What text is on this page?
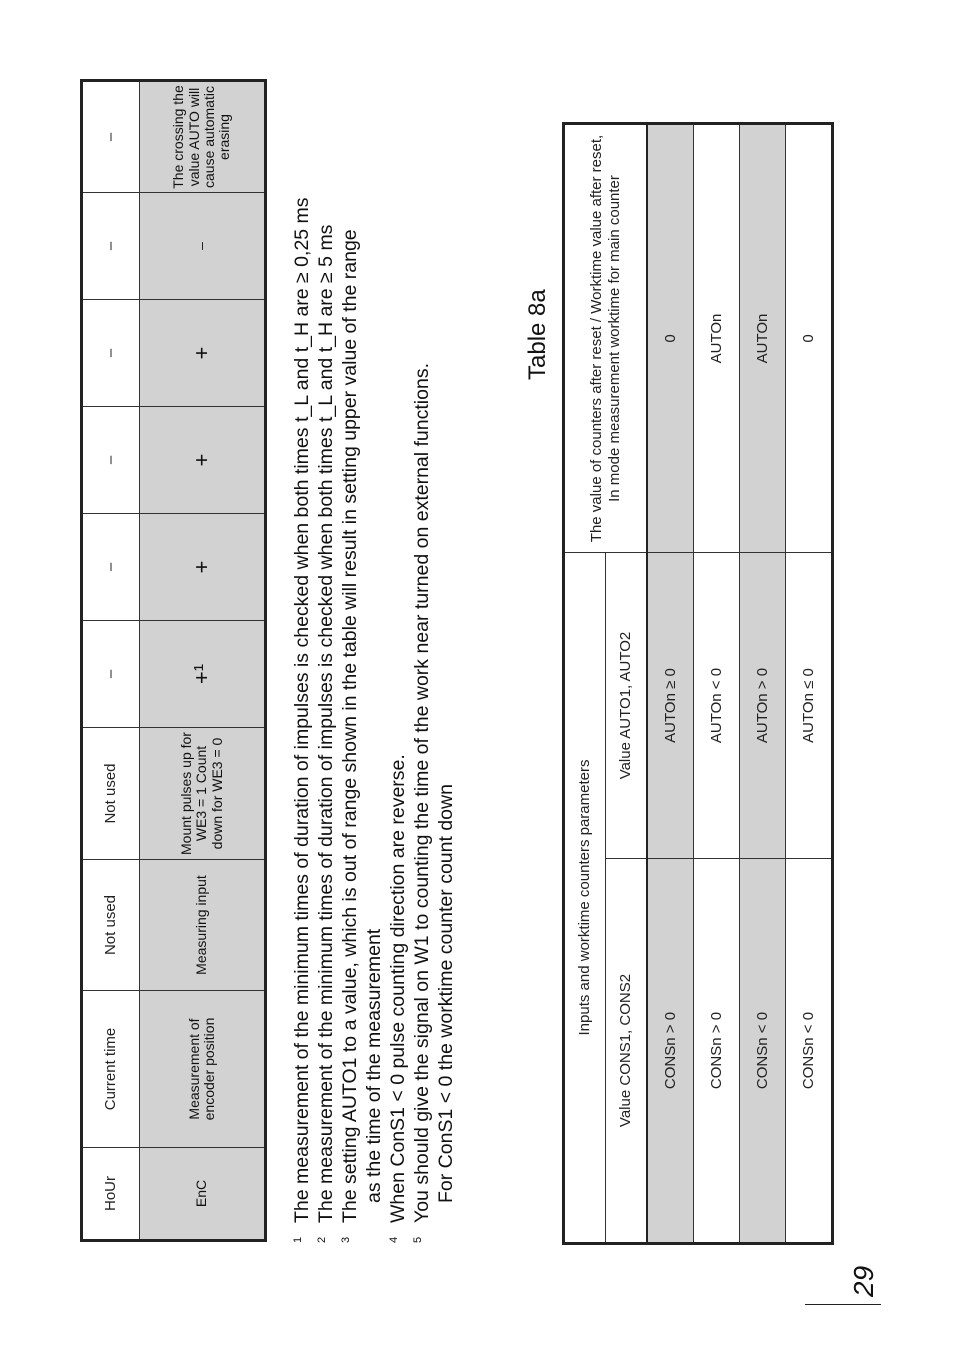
HoUr	Current time	Not used	Not used	–	–	–	–	–	–
EnC	Measurement of encoder position	Measuring input	Mount pulses up for WE3 = 1 Count down for WE3 = 0	+¹	+	+	+	–	The crossing the value AUTO will cause automatic erasing
1
The measurement of the minimum times of duration of impulses is checked when both times t_L and t_H are ≥ 0,25 ms
2
The measurement of the minimum times of duration of impulses is checked when both times t_L and t_H are ≥ 5 ms
3
The setting AUTO1 to a value, which is out of range shown in the table will result in setting upper value of the range as the time of the measurement
4
When ConS1 < 0 pulse counting direction are reverse.
5
You should give the signal on W1 to counting the time of the work near turned on external functions. For ConS1 < 0 the worktime counter count down
Table 8a
Inputs and worktime counters parameters		The value of counters after reset / Worktime value after reset, In mode measurement worktime for main counter
Value CONS1, CONS2	Value AUTO1, AUTO2	
CONSn > 0	AUTOn ≥ 0	0
CONSn > 0	AUTOn < 0	AUTOn
CONSn < 0	AUTOn > 0	AUTOn
CONSn < 0	AUTOn ≤ 0	0
29
